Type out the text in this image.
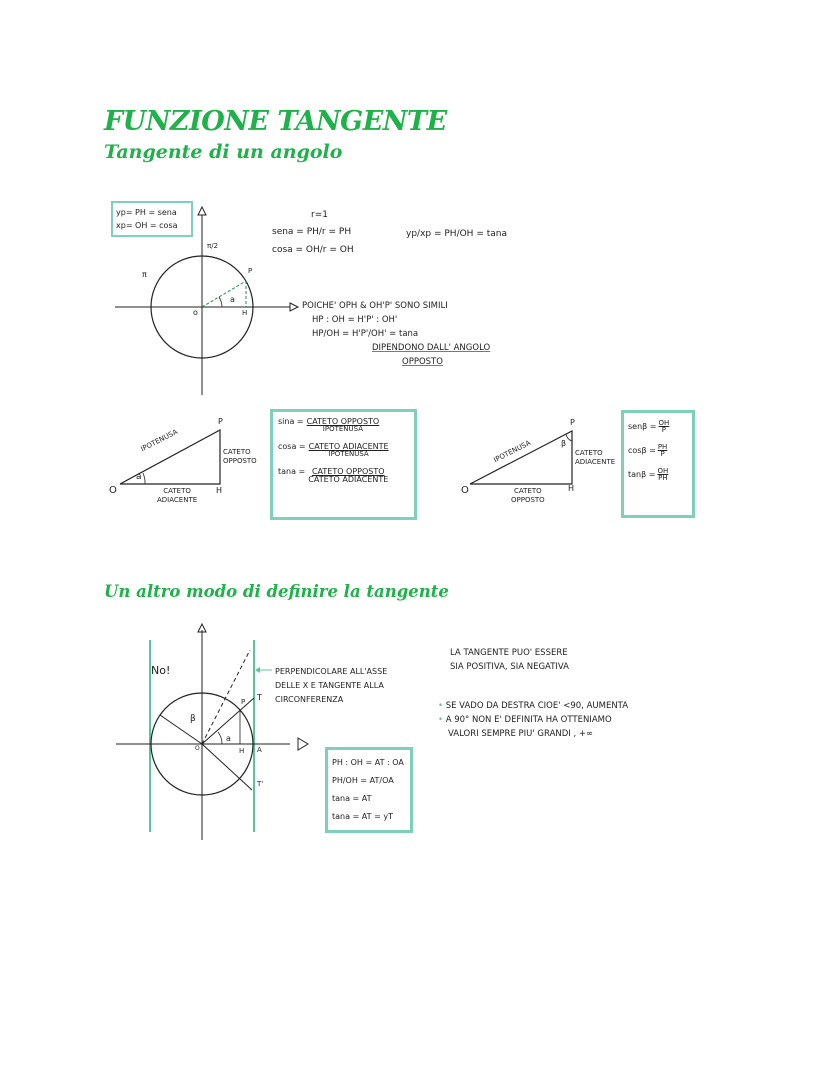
FUNZIONE TANGENTE
Tangente di un angolo
Un altro modo di definire la tangente
yp= PH = sena
xp= OH = cosa
π/2
π	P
a
o	H
r=1
sena = PH/r = PH
cosa = OH/r = OH
yp/xp = PH/OH = tana
POICHE' OPH & OH'P' SONO SIMILI
HP : OH = H'P' : OH'
HP/OH = H'P'/OH' = tana
DIPENDONO DALL' ANGOLO
OPPOSTO
P
O	H
a
IPOTENUSA	CATETO
OPPOSTO
CATETO
ADIACENTE
sina = CATETO OPPOSTO
IPOTENUSA
cosa = CATETO ADIACENTE
IPOTENUSA
tana = CATETO OPPOSTO
CATETO ADIACENTE
P
O	H
β
IPOTENUSA
CATETO
OPPOSTO
CATETO
ADIACENTE
$sen\beta = \frac{OH}{P}$
$\cos\beta = \frac{PH}{P}$
$\tan\beta = \frac{OH}{PH}$
No!
P T
T'
H A
O
a
β
PERPENDICOLARE ALL'ASSE
DELLE X E TANGENTE ALLA
CIRCONFERENZA
PH : OH = AT : OA
PH/OH = AT/OA
tana = AT
tana = AT = yT
LA TANGENTE PUO' ESSERE
SIA POSITIVA, SIA NEGATIVA
• SE VADO DA DESTRA CIOE' <90, AUMENTA
• A 90° NON E' DEFINITA HA OTTENIAMO
VALORI SEMPRE PIU' GRANDI , +∞
